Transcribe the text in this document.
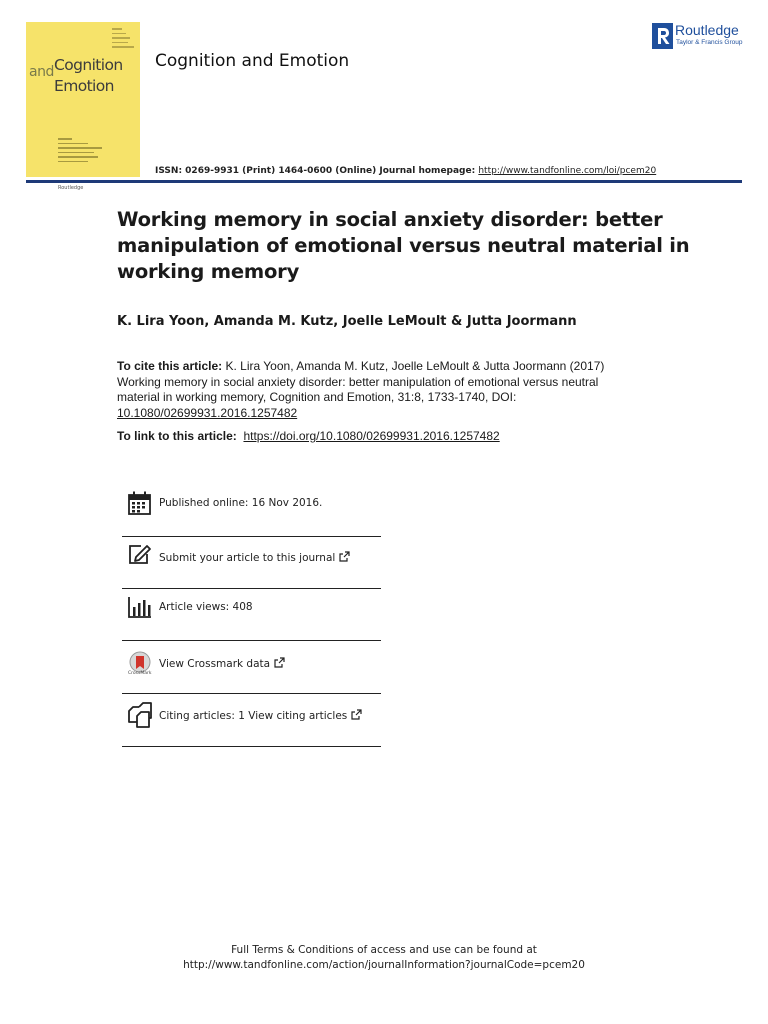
and Cognition
Emotion
Routledge
Cognition and Emotion
Routledge
Taylor & Francis Group
ISSN: 0269-9931 (Print) 1464-0600 (Online) Journal homepage: http://www.tandfonline.com/loi/pcem20
Working memory in social anxiety disorder: better manipulation of emotional versus neutral material in working memory
K. Lira Yoon, Amanda M. Kutz, Joelle LeMoult & Jutta Joormann
To cite this article: K. Lira Yoon, Amanda M. Kutz, Joelle LeMoult & Jutta Joormann (2017) Working memory in social anxiety disorder: better manipulation of emotional versus neutral material in working memory, Cognition and Emotion, 31:8, 1733-1740, DOI: 10.1080/02699931.2016.1257482
To link to this article: https://doi.org/10.1080/02699931.2016.1257482
Published online: 16 Nov 2016.
Submit your article to this journal
Article views: 408
CrossMark
View Crossmark data
Citing articles: 1 View citing articles
Full Terms & Conditions of access and use can be found at
http://www.tandfonline.com/action/journalInformation?journalCode=pcem20
